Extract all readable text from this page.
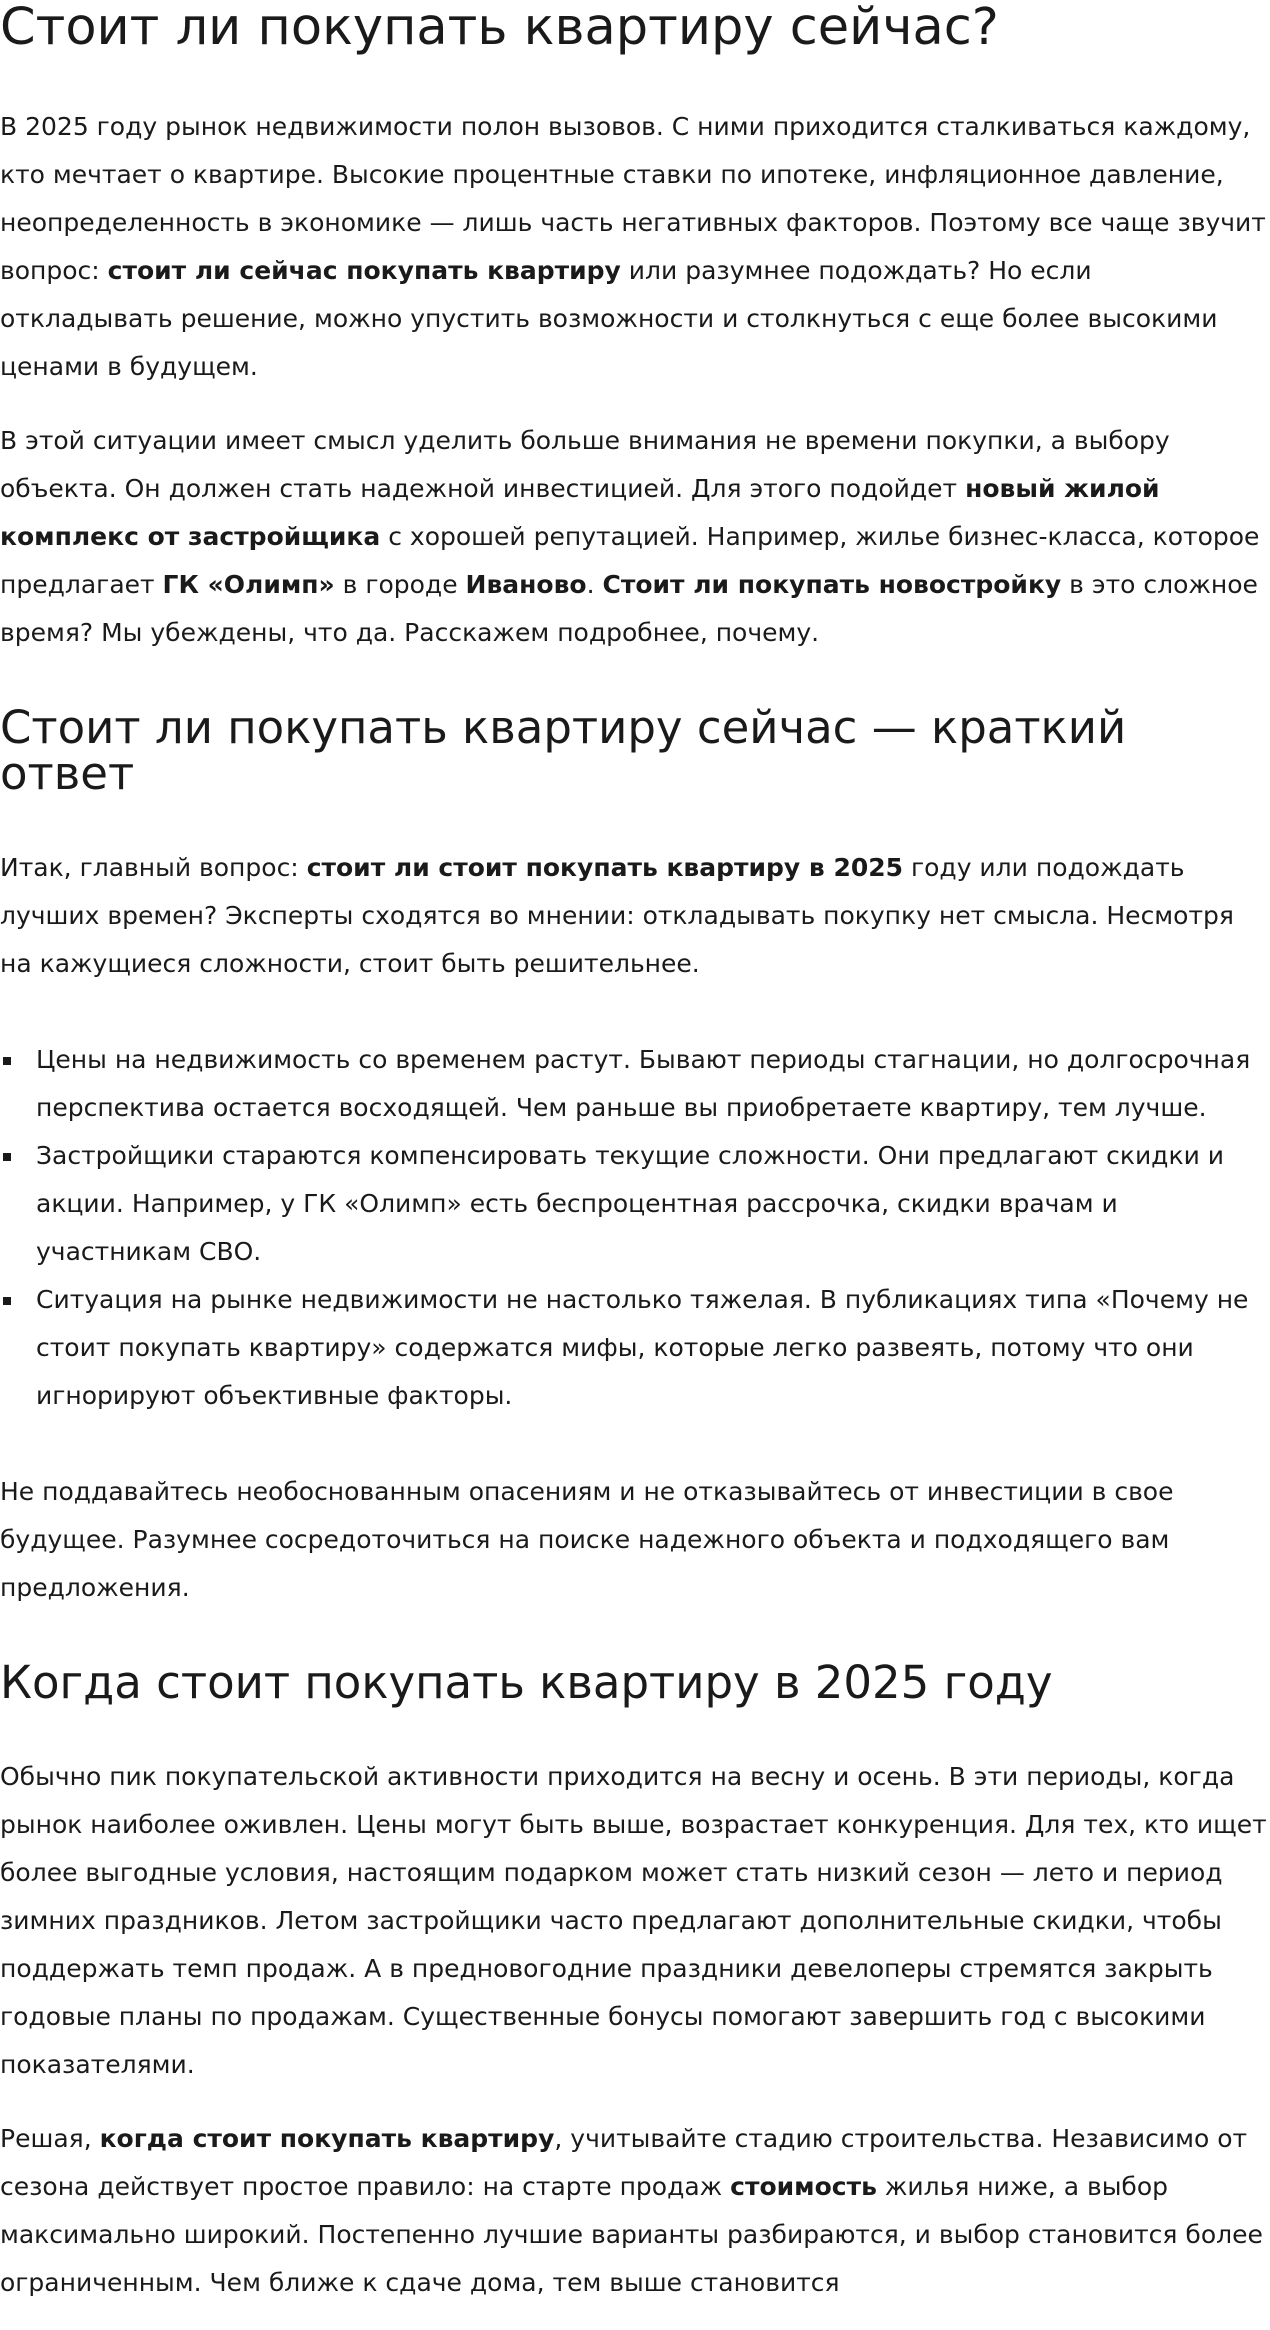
Стоит ли покупать квартиру сейчас?

В 2025 году рынок недвижимости полон вызовов. С ними приходится сталкиваться каждому, кто мечтает о квартире. Высокие процентные ставки по ипотеке, инфляционное давление, неопределенность в экономике — лишь часть негативных факторов. Поэтому все чаще звучит вопрос: стоит ли сейчас покупать квартиру или разумнее подождать? Но если откладывать решение, можно упустить возможности и столкнуться с еще более высокими ценами в будущем.

В этой ситуации имеет смысл уделить больше внимания не времени покупки, а выбору объекта. Он должен стать надежной инвестицией. Для этого подойдет новый жилой комплекс от застройщика с хорошей репутацией. Например, жилье бизнес-класса, которое предлагает ГК «Олимп» в городе Иваново. Стоит ли покупать новостройку в это сложное время? Мы убеждены, что да. Расскажем подробнее, почему.

Стоит ли покупать квартиру сейчас — краткий ответ

Итак, главный вопрос: стоит ли стоит покупать квартиру в 2025 году или подождать лучших времен? Эксперты сходятся во мнении: откладывать покупку нет смысла. Несмотря на кажущиеся сложности, стоит быть решительнее.

Цены на недвижимость со временем растут. Бывают периоды стагнации, но долгосрочная перспектива остается восходящей. Чем раньше вы приобретаете квартиру, тем лучше.
Застройщики стараются компенсировать текущие сложности. Они предлагают скидки и акции. Например, у ГК «Олимп» есть беспроцентная рассрочка, скидки врачам и участникам СВО.
Ситуация на рынке недвижимости не настолько тяжелая. В публикациях типа «Почему не стоит покупать квартиру» содержатся мифы, которые легко развеять, потому что они игнорируют объективные факторы.

Не поддавайтесь необоснованным опасениям и не отказывайтесь от инвестиции в свое будущее. Разумнее сосредоточиться на поиске надежного объекта и подходящего вам предложения.

Когда стоит покупать квартиру в 2025 году

Обычно пик покупательской активности приходится на весну и осень. В эти периоды, когда рынок наиболее оживлен. Цены могут быть выше, возрастает конкуренция. Для тех, кто ищет более выгодные условия, настоящим подарком может стать низкий сезон — лето и период зимних праздников. Летом застройщики часто предлагают дополнительные скидки, чтобы поддержать темп продаж. А в предновогодние праздники девелоперы стремятся закрыть годовые планы по продажам. Существенные бонусы помогают завершить год с высокими показателями.

Решая, когда стоит покупать квартиру, учитывайте стадию строительства. Независимо от сезона действует простое правило: на старте продаж стоимость жилья ниже, а выбор максимально широкий. Постепенно лучшие варианты разбираются, и выбор становится более ограниченным. Чем ближе к сдаче дома, тем выше становится
